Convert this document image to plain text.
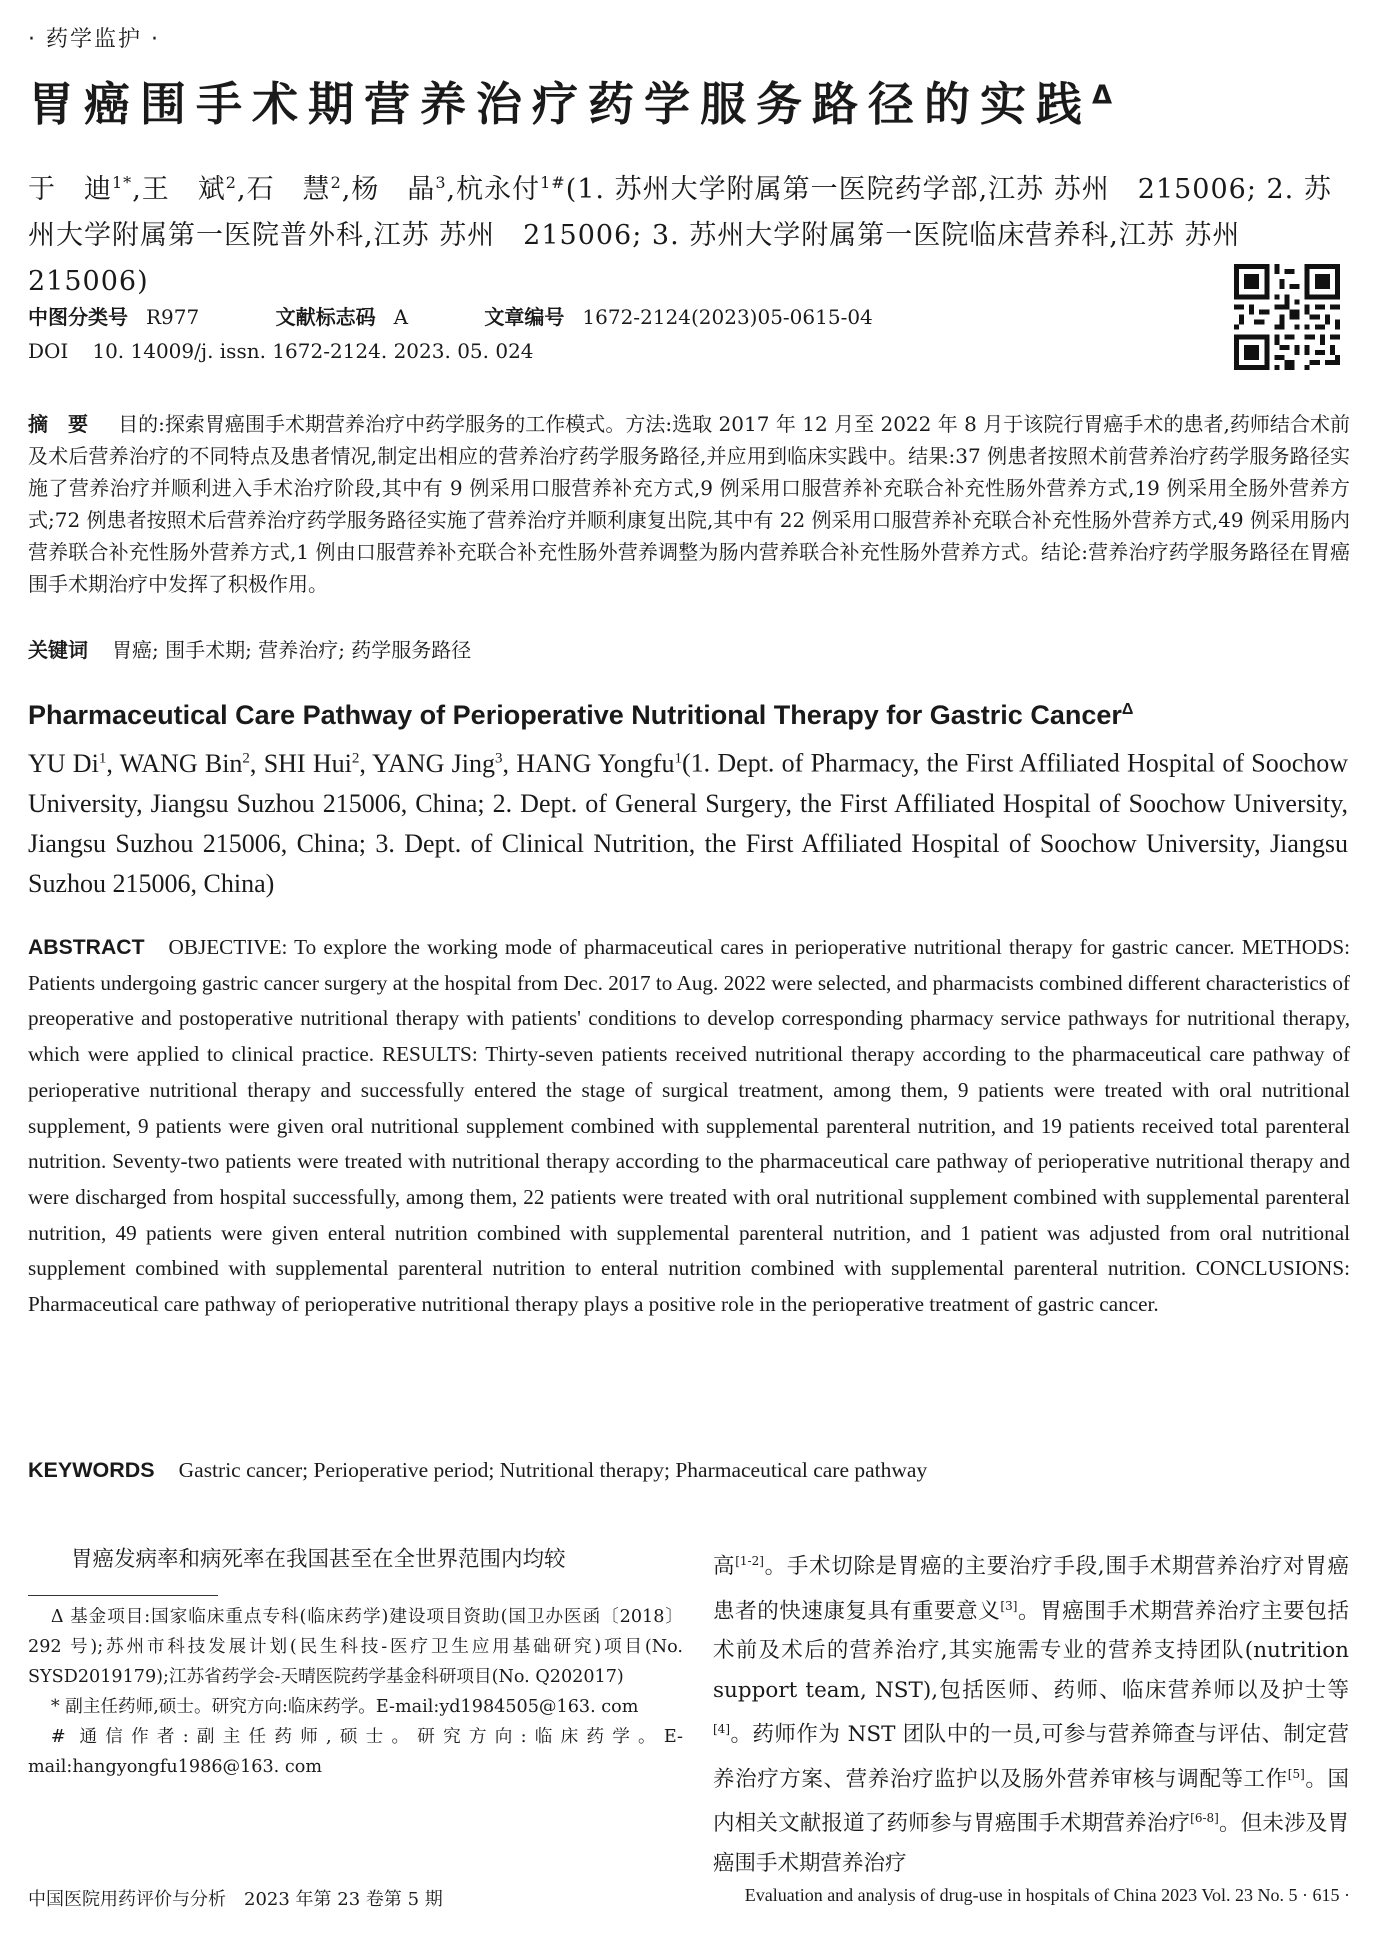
· 药学监护 ·
胃癌围手术期营养治疗药学服务路径的实践$^\Delta$
于　迪$^{1*}$,王　斌$^2$,石　慧$^2$,杨　晶$^3$,杭永付$^{1\#}$(1. 苏州大学附属第一医院药学部,江苏 苏州　215006; 2. 苏州大学附属第一医院普外科,江苏 苏州　215006; 3. 苏州大学附属第一医院临床营养科,江苏 苏州　215006)
中图分类号 R977	文献标志码 A	文章编号 1672-2124(2023)05-0615-04
DOI 10. 14009/j. issn. 1672-2124. 2023. 05. 024
摘　要 目的:探索胃癌围手术期营养治疗中药学服务的工作模式。方法:选取 2017 年 12 月至 2022 年 8 月于该院行胃癌手术的患者,药师结合术前及术后营养治疗的不同特点及患者情况,制定出相应的营养治疗药学服务路径,并应用到临床实践中。结果:37 例患者按照术前营养治疗药学服务路径实施了营养治疗并顺利进入手术治疗阶段,其中有 9 例采用口服营养补充方式,9 例采用口服营养补充联合补充性肠外营养方式,19 例采用全肠外营养方式;72 例患者按照术后营养治疗药学服务路径实施了营养治疗并顺利康复出院,其中有 22 例采用口服营养补充联合补充性肠外营养方式,49 例采用肠内营养联合补充性肠外营养方式,1 例由口服营养补充联合补充性肠外营养调整为肠内营养联合补充性肠外营养方式。结论:营养治疗药学服务路径在胃癌围手术期治疗中发挥了积极作用。
关键词 胃癌; 围手术期; 营养治疗; 药学服务路径
Pharmaceutical Care Pathway of Perioperative Nutritional Therapy for Gastric Cancer$^\Delta$
YU Di$^1$, WANG Bin$^2$, SHI Hui$^2$, YANG Jing$^3$, HANG Yongfu$^1$(1. Dept. of Pharmacy, the First Affiliated Hospital of Soochow University, Jiangsu Suzhou 215006, China; 2. Dept. of General Surgery, the First Affiliated Hospital of Soochow University, Jiangsu Suzhou 215006, China; 3. Dept. of Clinical Nutrition, the First Affiliated Hospital of Soochow University, Jiangsu Suzhou 215006, China)
ABSTRACT OBJECTIVE: To explore the working mode of pharmaceutical cares in perioperative nutritional therapy for gastric cancer. METHODS: Patients undergoing gastric cancer surgery at the hospital from Dec. 2017 to Aug. 2022 were selected, and pharmacists combined different characteristics of preoperative and postoperative nutritional therapy with patients' conditions to develop corresponding pharmacy service pathways for nutritional therapy, which were applied to clinical practice. RESULTS: Thirty-seven patients received nutritional therapy according to the pharmaceutical care pathway of perioperative nutritional therapy and successfully entered the stage of surgical treatment, among them, 9 patients were treated with oral nutritional supplement, 9 patients were given oral nutritional supplement combined with supplemental parenteral nutrition, and 19 patients received total parenteral nutrition. Seventy-two patients were treated with nutritional therapy according to the pharmaceutical care pathway of perioperative nutritional therapy and were discharged from hospital successfully, among them, 22 patients were treated with oral nutritional supplement combined with supplemental parenteral nutrition, 49 patients were given enteral nutrition combined with supplemental parenteral nutrition, and 1 patient was adjusted from oral nutritional supplement combined with supplemental parenteral nutrition to enteral nutrition combined with supplemental parenteral nutrition. CONCLUSIONS: Pharmaceutical care pathway of perioperative nutritional therapy plays a positive role in the perioperative treatment of gastric cancer.
KEYWORDS Gastric cancer; Perioperative period; Nutritional therapy; Pharmaceutical care pathway
胃癌发病率和病死率在我国甚至在全世界范围内均较

Δ 基金项目:国家临床重点专科(临床药学)建设项目资助(国卫办医函〔2018〕292 号);苏州市科技发展计划(民生科技-医疗卫生应用基础研究)项目(No. SYSD2019179);江苏省药学会-天晴医院药学基金科研项目(No. Q202017)

* 副主任药师,硕士。研究方向:临床药学。E-mail:yd1984505@163. com

# 通信作者:副主任药师,硕士。研究方向:临床药学。E-mail:hangyongfu1986@163. com

高[1-2]。手术切除是胃癌的主要治疗手段,围手术期营养治疗对胃癌患者的快速康复具有重要意义[3]。胃癌围手术期营养治疗主要包括术前及术后的营养治疗,其实施需专业的营养支持团队(nutrition support team, NST),包括医师、药师、临床营养师以及护士等[4]。药师作为 NST 团队中的一员,可参与营养筛查与评估、制定营养治疗方案、营养治疗监护以及肠外营养审核与调配等工作[5]。国内相关文献报道了药师参与胃癌围手术期营养治疗[6-8]。但未涉及胃癌围手术期营养治疗
中国医院用药评价与分析　2023 年第 23 卷第 5 期	Evaluation and analysis of drug-use in hospitals of China 2023 Vol. 23 No. 5 · 615 ·
